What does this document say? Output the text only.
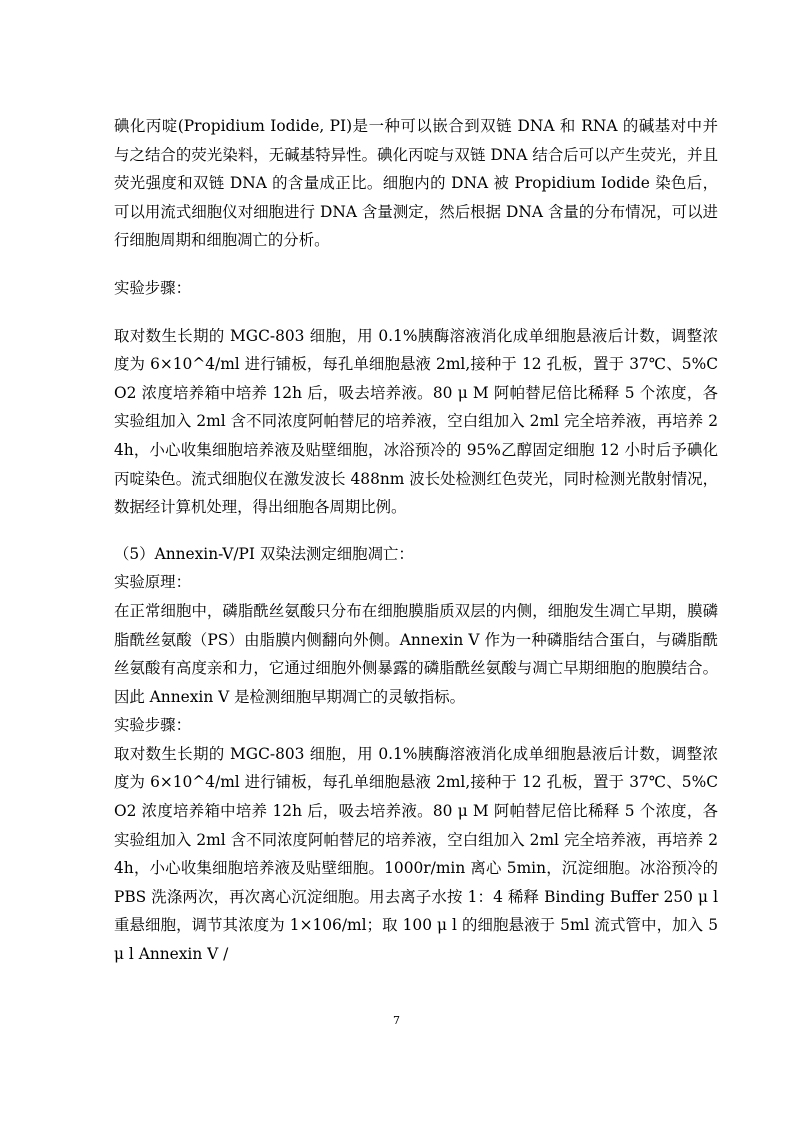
碘化丙啶(Propidium Iodide, PI)是一种可以嵌合到双链 DNA 和 RNA 的碱基对中并与之结合的荧光染料，无碱基特异性。碘化丙啶与双链 DNA 结合后可以产生荧光，并且荧光强度和双链 DNA 的含量成正比。细胞内的 DNA 被 Propidium Iodide 染色后，可以用流式细胞仪对细胞进行 DNA 含量测定，然后根据 DNA 含量的分布情况，可以进行细胞周期和细胞凋亡的分析。

实验步骤：

取对数生长期的 MGC-803 细胞，用 0.1%胰酶溶液消化成单细胞悬液后计数，调整浓度为 6×10^4/ml 进行铺板，每孔单细胞悬液 2ml,接种于 12 孔板，置于 37℃、5%CO2 浓度培养箱中培养 12h 后，吸去培养液。80 μ M 阿帕替尼倍比稀释 5 个浓度，各实验组加入 2ml 含不同浓度阿帕替尼的培养液，空白组加入 2ml 完全培养液，再培养 24h，小心收集细胞培养液及贴壁细胞，冰浴预冷的 95%乙醇固定细胞 12 小时后予碘化丙啶染色。流式细胞仪在激发波长 488nm 波长处检测红色荧光，同时检测光散射情况，数据经计算机处理，得出细胞各周期比例。

（5）Annexin-V/PI 双染法测定细胞凋亡：

实验原理：

在正常细胞中，磷脂酰丝氨酸只分布在细胞膜脂质双层的内侧，细胞发生凋亡早期，膜磷脂酰丝氨酸（PS）由脂膜内侧翻向外侧。Annexin V 作为一种磷脂结合蛋白，与磷脂酰丝氨酸有高度亲和力，它通过细胞外侧暴露的磷脂酰丝氨酸与凋亡早期细胞的胞膜结合。因此 Annexin V 是检测细胞早期凋亡的灵敏指标。

实验步骤：

取对数生长期的 MGC-803 细胞，用 0.1%胰酶溶液消化成单细胞悬液后计数，调整浓度为 6×10^4/ml 进行铺板，每孔单细胞悬液 2ml,接种于 12 孔板，置于 37℃、5%CO2 浓度培养箱中培养 12h 后，吸去培养液。80 μ M 阿帕替尼倍比稀释 5 个浓度，各实验组加入 2ml 含不同浓度阿帕替尼的培养液，空白组加入 2ml 完全培养液，再培养 24h，小心收集细胞培养液及贴壁细胞。1000r/min 离心 5min，沉淀细胞。冰浴预冷的 PBS 洗涤两次，再次离心沉淀细胞。用去离子水按 1：4 稀释 Binding Buffer 250 μ l 重悬细胞，调节其浓度为 1×106/ml；取 100 μ l 的细胞悬液于 5ml 流式管中，加入 5 μ l Annexin V /

7
